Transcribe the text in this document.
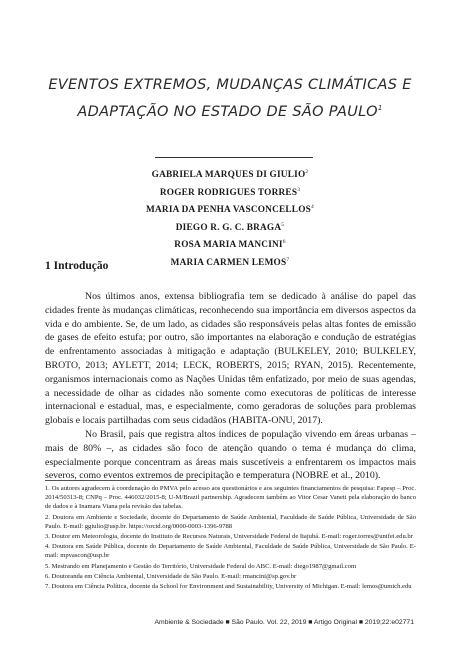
EVENTOS EXTREMOS, MUDANÇAS CLIMÁTICAS E
ADAPTAÇÃO NO ESTADO DE SÃO PAULO$^1$
GABRIELA MARQUES DI GIULIO$^2$
ROGER RODRIGUES TORRES$^3$
MARIA DA PENHA VASCONCELLOS$^4$
DIEGO R. G. C. BRAGA$^5$
ROSA MARIA MANCINI$^6$
MARIA CARMEN LEMOS$^7$
1 Introdução

Nos últimos anos, extensa bibliografia tem se dedicado à análise do papel das cidades frente às mudanças climáticas, reconhecendo sua importância em diversos aspectos da vida e do ambiente. Se, de um lado, as cidades são responsáveis pelas altas fontes de emissão de gases de efeito estufa; por outro, são importantes na elaboração e condução de estratégias de enfrentamento associadas à mitigação e adaptação (BULKELEY, 2010; BULKELEY, BROTO, 2013; AYLETT, 2014; LECK, ROBERTS, 2015; RYAN, 2015). Recentemente, organismos internacionais como as Nações Unidas têm enfatizado, por meio de suas agendas, a necessidade de olhar as cidades não somente como executoras de políticas de interesse internacional e estadual, mas, e especialmente, como geradoras de soluções para problemas globais e locais partilhadas com seus cidadãos (HABITA-ONU, 2017).

No Brasil, país que registra altos índices de população vivendo em áreas urbanas – mais de 80% –, as cidades são foco de atenção quando o tema é mudança do clima, especialmente porque concentram as áreas mais suscetíveis a enfrentarem os impactos mais severos, como eventos extremos de precipitação e temperatura (NOBRE et al., 2010).

1. Os autores agradecem à coordenação do PMVA pelo acesso aos questionários e aos seguintes financiamentos de pesquisa: Fapesp – Proc. 2014/50313-8; CNPq – Proc. 446032/2015-8; U-M/Brazil partnership. Agradecem também ao Vitor Cesar Vaneti pela elaboração do banco de dados e à Inamara Viana pela revisão das tabelas.
2. Doutora em Ambiente e Sociedade, docente do Departamento de Saúde Ambiental, Faculdade de Saúde Pública, Universidade de São Paulo. E-mail: ggiulio@usp.br. https://orcid.org/0000-0003-1396-9788
3. Doutor em Meteorologia, docente do Instituto de Recursos Naturais, Universidade Federal de Itajubá. E-mail: roger.torres@unifei.edu.br
4. Doutora em Saúde Pública, docente do Departamento de Saúde Ambiental, Faculdade de Saúde Pública, Universidade de São Paulo. E-mail: mpvascon@usp.br
5. Mestrando em Planejamento e Gestão do Território, Universidade Federal do ABC. E-mail: diego1987@gmail.com
6. Doutoranda em Ciência Ambiental, Universidade de São Paulo. E-mail: rmancini@sp.gov.br
7. Doutora em Ciência Política, docente da School for Environment and Sustainability, University of Michigan. E-mail: lemos@umich.edu
Ambiente & Sociedade ■ São Paulo. Vol. 22, 2019 ■ Artigo Original ■ 2019;22:e02771
